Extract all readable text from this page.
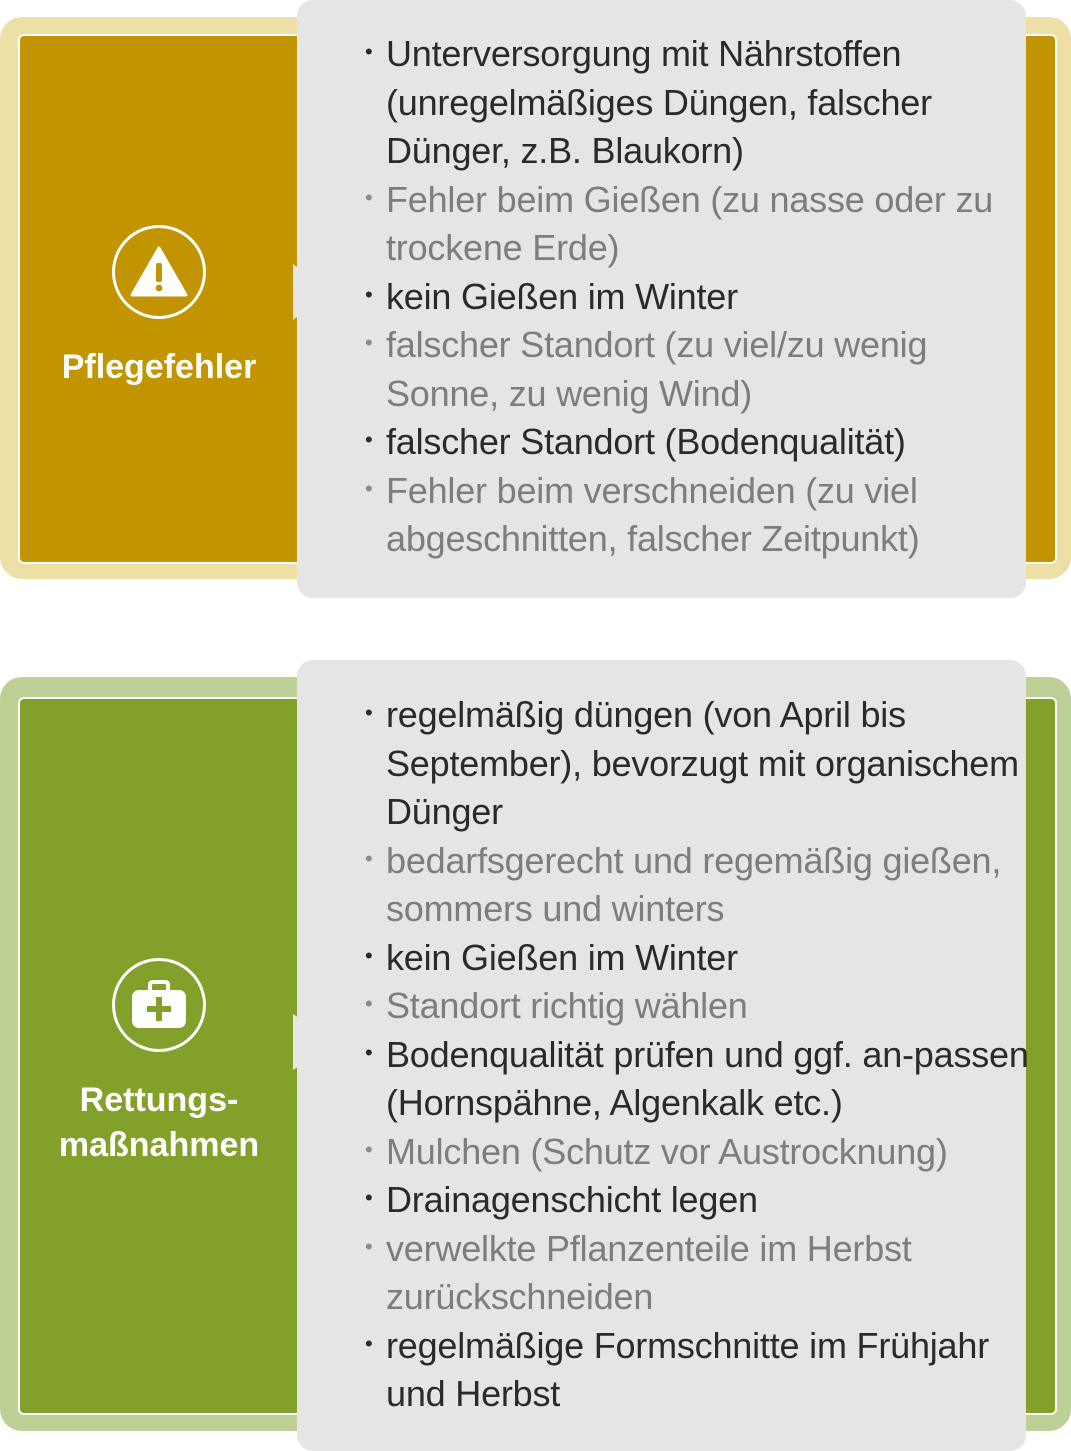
Pflegefehler
• Unterversorgung mit Nährstoffen (unregelmäßiges Düngen, falscher Dünger, z.B. Blaukorn)
• Fehler beim Gießen (zu nasse oder zu trockene Erde)
• kein Gießen im Winter
• falscher Standort (zu viel/zu wenig Sonne, zu wenig Wind)
• falscher Standort (Bodenqualität)
• Fehler beim verschneiden (zu viel abgeschnitten, falscher Zeitpunkt)
Rettungs-
maßnahmen
• regelmäßig düngen (von April bis September), bevorzugt mit organischem Dünger
• bedarfsgerecht und regemäßig gießen, sommers und winters
• kein Gießen im Winter
• Standort richtig wählen
• Bodenqualität prüfen und ggf. an-passen (Hornspähne, Algenkalk etc.)
• Mulchen (Schutz vor Austrocknung)
• Drainagenschicht legen
• verwelkte Pflanzenteile im Herbst zurückschneiden
• regelmäßige Formschnitte im Frühjahr und Herbst
